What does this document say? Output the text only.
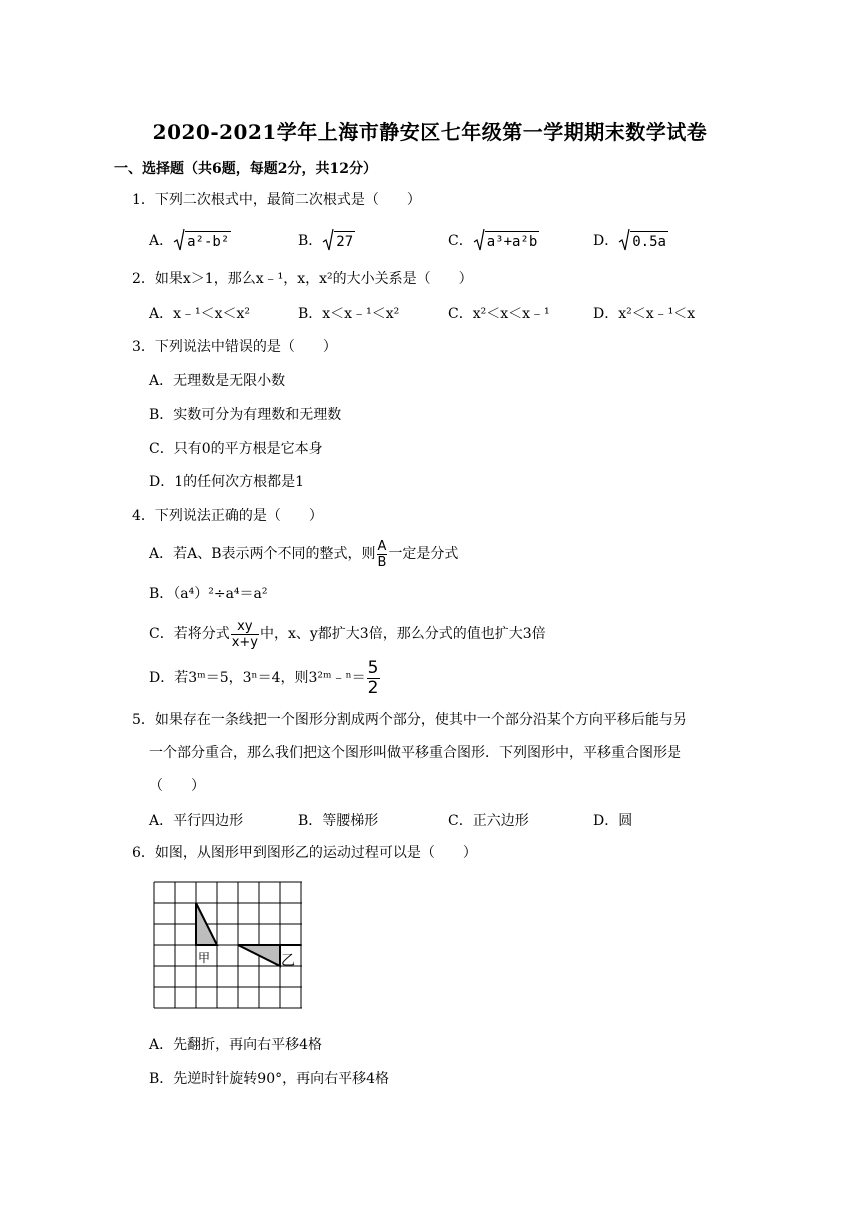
2020-2021学年上海市静安区七年级第一学期期末数学试卷
一、选择题（共6题，每题2分，共12分）
1．下列二次根式中，最简二次根式是（　　）
A． a²-b²	B． 27	C． a³+a²b	D． 0.5a
2．如果x＞1，那么x﹣¹，x，x²的大小关系是（　　）
A．x﹣¹＜x＜x²	B．x＜x﹣¹＜x²	C．x²＜x＜x﹣¹	D．x²＜x﹣¹＜x
3．下列说法中错误的是（　　）
A．无理数是无限小数
B．实数可分为有理数和无理数
C．只有0的平方根是它本身
D．1的任何次方根都是1
4．下列说法正确的是（　　）
A．若A、B表示两个不同的整式，则 $\frac{A}{B}$ 一定是分式
B．（a⁴）²÷a⁴＝a²
C．若将分式 $\frac{xy}{x+y}$ 中，x、y都扩大3倍，那么分式的值也扩大3倍
D．若3ᵐ＝5，3ⁿ＝4，则3²ᵐ﹣ⁿ＝ $\frac{5}{2}$
5．如果存在一条线把一个图形分割成两个部分，使其中一个部分沿某个方向平移后能与另
一个部分重合，那么我们把这个图形叫做平移重合图形．下列图形中，平移重合图形是
（　　）
A．平行四边形	B．等腰梯形	C．正六边形	D．圆
6．如图，从图形甲到图形乙的运动过程可以是（　　）
甲	乙
A．先翻折，再向右平移4格
B．先逆时针旋转90°，再向右平移4格
